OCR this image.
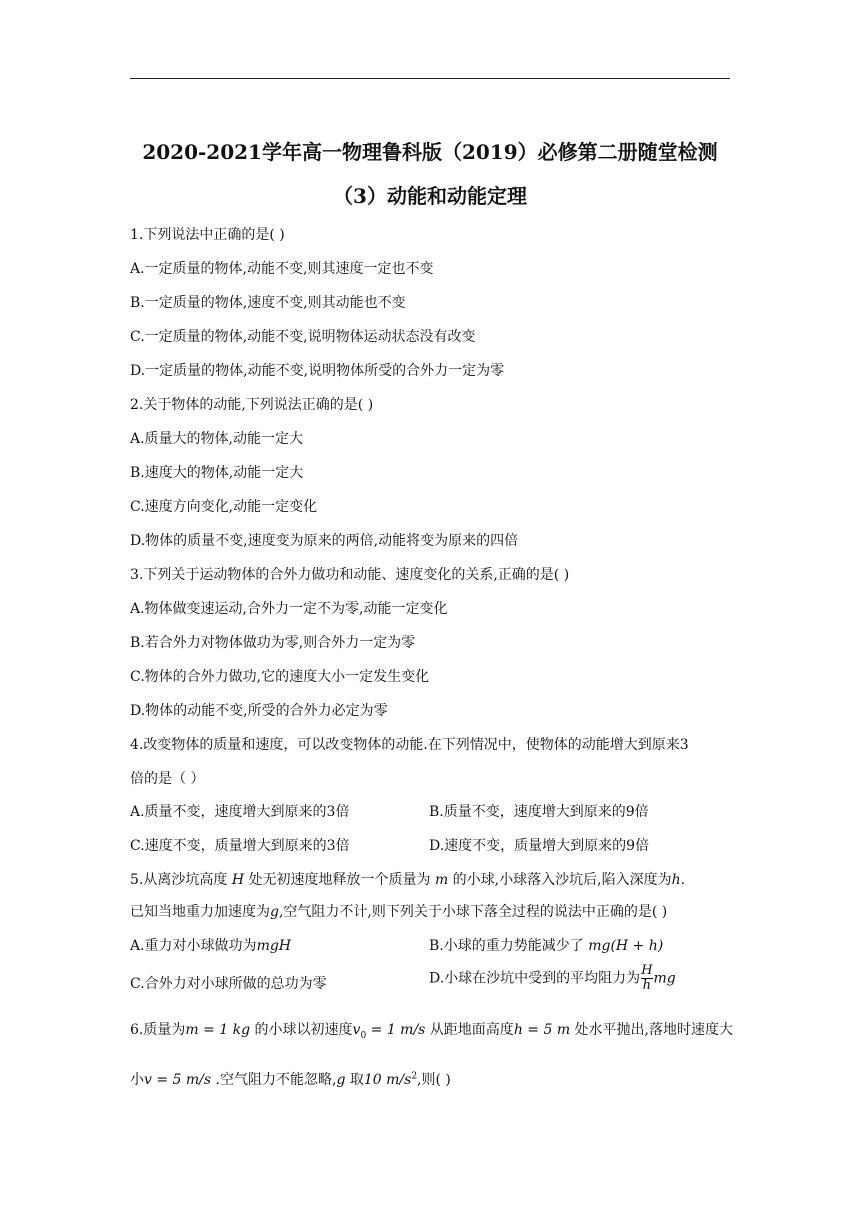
2020-2021学年高一物理鲁科版（2019）必修第二册随堂检测
（3）动能和动能定理
1.下列说法中正确的是( )
A.一定质量的物体,动能不变,则其速度一定也不变
B.一定质量的物体,速度不变,则其动能也不变
C.一定质量的物体,动能不变,说明物体运动状态没有改变
D.一定质量的物体,动能不变,说明物体所受的合外力一定为零
2.关于物体的动能,下列说法正确的是( )
A.质量大的物体,动能一定大
B.速度大的物体,动能一定大
C.速度方向变化,动能一定变化
D.物体的质量不变,速度变为原来的两倍,动能将变为原来的四倍
3.下列关于运动物体的合外力做功和动能、速度变化的关系,正确的是( )
A.物体做变速运动,合外力一定不为零,动能一定变化
B.若合外力对物体做功为零,则合外力一定为零
C.物体的合外力做功,它的速度大小一定发生变化
D.物体的动能不变,所受的合外力必定为零
4.改变物体的质量和速度，可以改变物体的动能.在下列情况中，使物体的动能增大到原来3
倍的是（ ）
A.质量不变，速度增大到原来的3倍	B.质量不变，速度增大到原来的9倍
C.速度不变，质量增大到原来的3倍	D.速度不变，质量增大到原来的9倍
5.从离沙坑高度 H 处无初速度地释放一个质量为 m 的小球,小球落入沙坑后,陷入深度为h.
已知当地重力加速度为g,空气阻力不计,则下列关于小球下落全过程的说法中正确的是( )
A.重力对小球做功为mgH	B.小球的重力势能减少了 mg(H + h)
C.合外力对小球所做的总功为零	D.小球在沙坑中受到的平均阻力为 $\frac{H}{h}$ mg
6.质量为m = 1 kg 的小球以初速度$v_0 = 1$ m/s 从距地面高度h = 5 m 处水平抛出,落地时速度大
小v = 5 m/s .空气阻力不能忽略,g 取10 $m/s^2$,则( )
